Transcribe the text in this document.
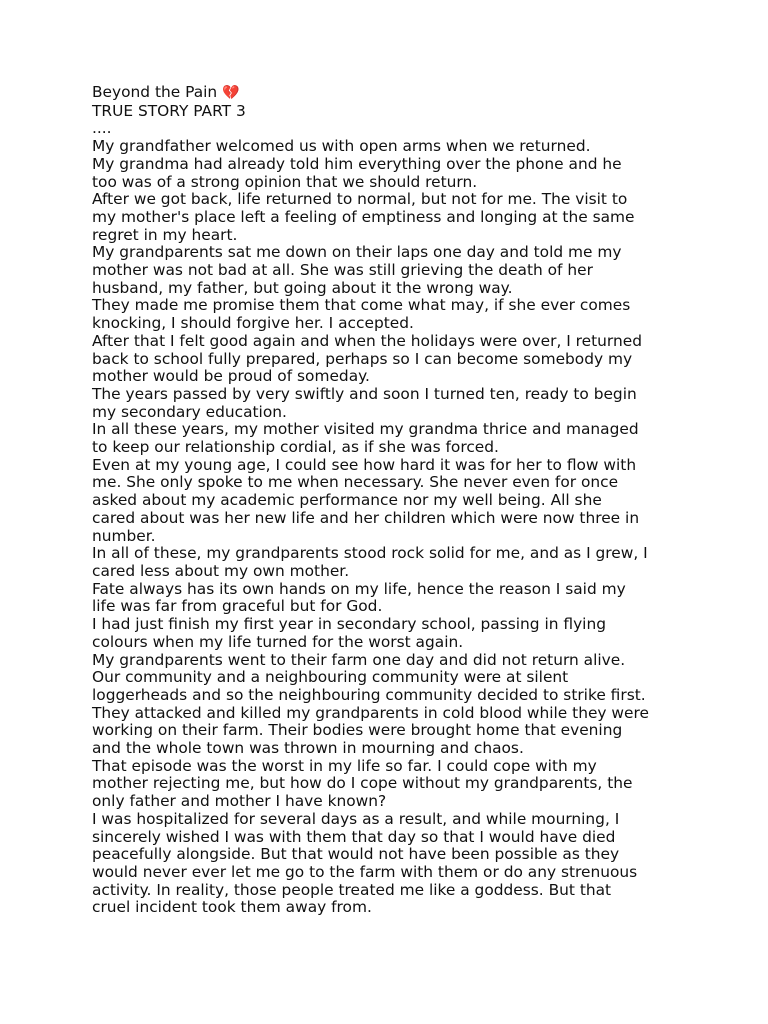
Beyond the Pain 💔
TRUE STORY PART 3
....
My grandfather welcomed us with open arms when we returned.
My grandma had already told him everything over the phone and he
too was of a strong opinion that we should return.
After we got back, life returned to normal, but not for me. The visit to
my mother's place left a feeling of emptiness and longing at the same
regret in my heart.
My grandparents sat me down on their laps one day and told me my
mother was not bad at all. She was still grieving the death of her
husband, my father, but going about it the wrong way.
They made me promise them that come what may, if she ever comes
knocking, I should forgive her. I accepted.
After that I felt good again and when the holidays were over, I returned
back to school fully prepared, perhaps so I can become somebody my
mother would be proud of someday.
The years passed by very swiftly and soon I turned ten, ready to begin
my secondary education.
In all these years, my mother visited my grandma thrice and managed
to keep our relationship cordial, as if she was forced.
Even at my young age, I could see how hard it was for her to flow with
me. She only spoke to me when necessary. She never even for once
asked about my academic performance nor my well being. All she
cared about was her new life and her children which were now three in
number.
In all of these, my grandparents stood rock solid for me, and as I grew, I
cared less about my own mother.
Fate always has its own hands on my life, hence the reason I said my
life was far from graceful but for God.
I had just finish my first year in secondary school, passing in flying
colours when my life turned for the worst again.
My grandparents went to their farm one day and did not return alive.
Our community and a neighbouring community were at silent
loggerheads and so the neighbouring community decided to strike first.
They attacked and killed my grandparents in cold blood while they were
working on their farm. Their bodies were brought home that evening
and the whole town was thrown in mourning and chaos.
That episode was the worst in my life so far. I could cope with my
mother rejecting me, but how do I cope without my grandparents, the
only father and mother I have known?
I was hospitalized for several days as a result, and while mourning, I
sincerely wished I was with them that day so that I would have died
peacefully alongside. But that would not have been possible as they
would never ever let me go to the farm with them or do any strenuous
activity. In reality, those people treated me like a goddess. But that
cruel incident took them away from.
